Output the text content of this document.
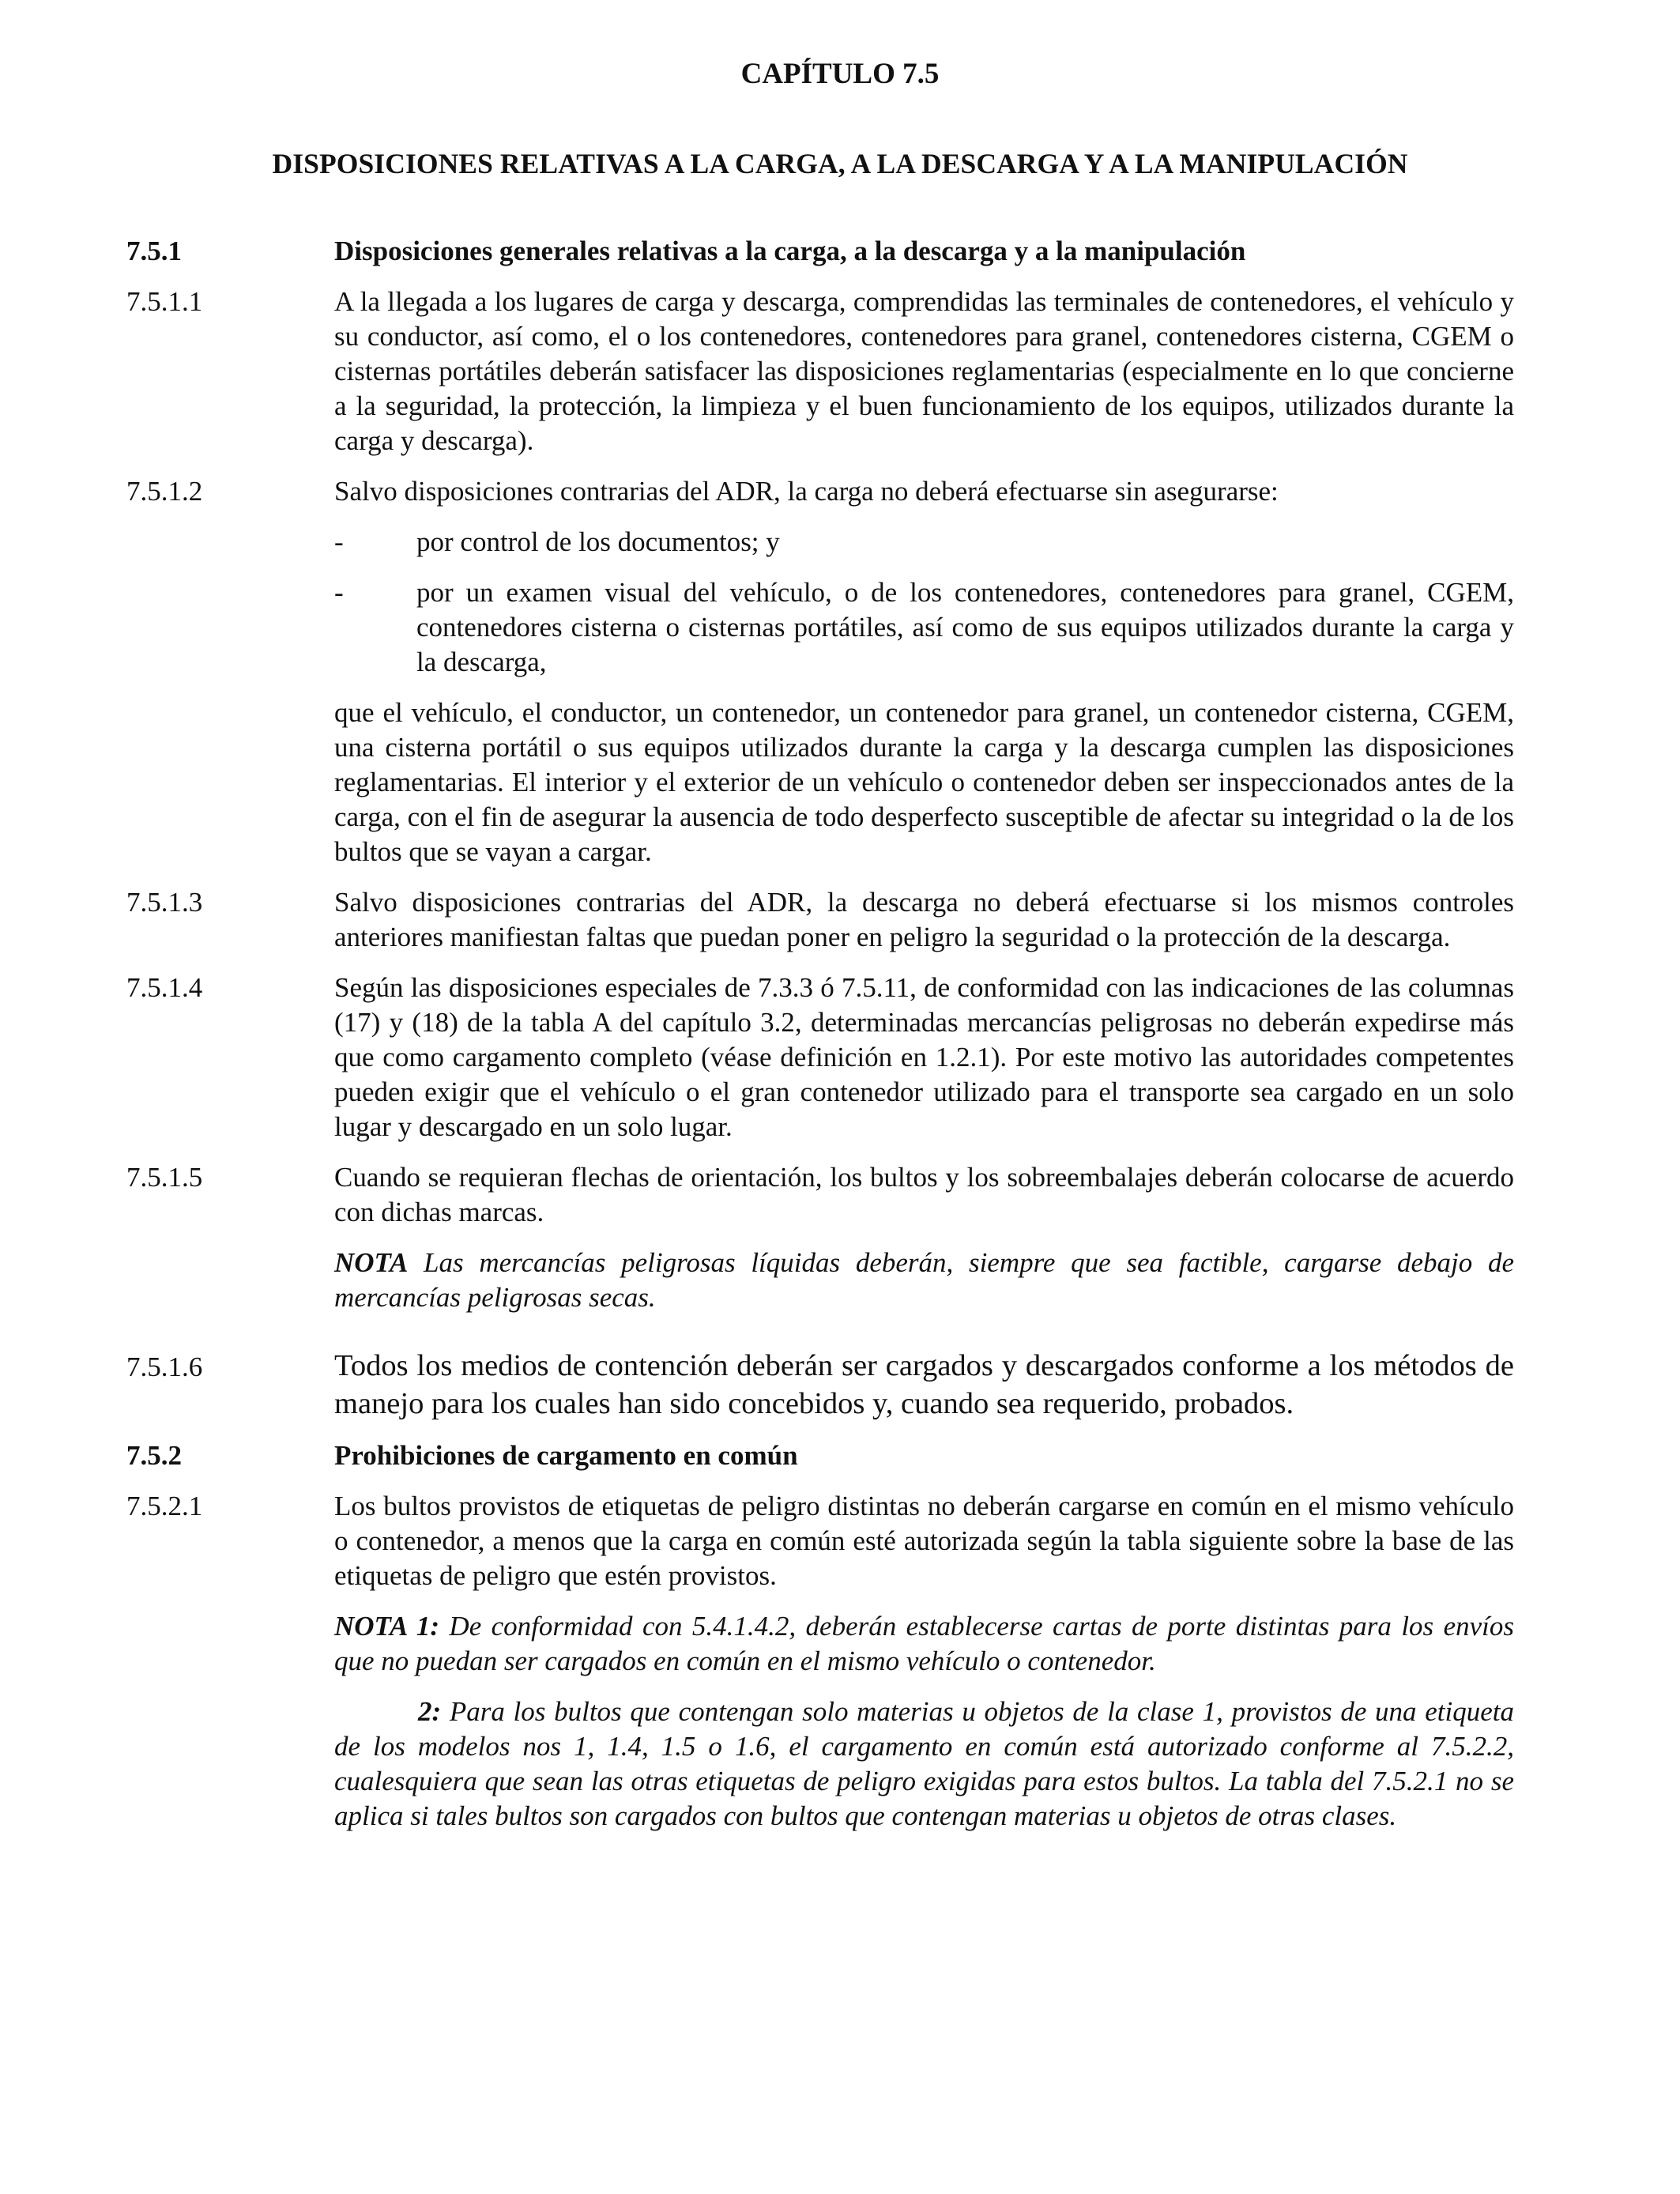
CAPÍTULO 7.5
DISPOSICIONES RELATIVAS A LA CARGA, A LA DESCARGA Y A LA MANIPULACIÓN
7.5.1	Disposiciones generales relativas a la carga, a la descarga y a la manipulación
7.5.1.1	A la llegada a los lugares de carga y descarga, comprendidas las terminales de contenedores, el vehículo y su conductor, así como, el o los contenedores, contenedores para granel, contenedores cisterna, CGEM o cisternas portátiles deberán satisfacer las disposiciones reglamentarias (especialmente en lo que concierne a la seguridad, la protección, la limpieza y el buen funcionamiento de los equipos, utilizados durante la carga y descarga).
7.5.1.2	Salvo disposiciones contrarias del ADR, la carga no deberá efectuarse sin asegurarse:

-	por control de los documentos; y
-	por un examen visual del vehículo, o de los contenedores, contenedores para granel, CGEM, contenedores cisterna o cisternas portátiles, así como de sus equipos utilizados durante la carga y la descarga,

que el vehículo, el conductor, un contenedor, un contenedor para granel, un contenedor cisterna, CGEM, una cisterna portátil o sus equipos utilizados durante la carga y la descarga cumplen las disposiciones reglamentarias. El interior y el exterior de un vehículo o contenedor deben ser inspeccionados antes de la carga, con el fin de asegurar la ausencia de todo desperfecto susceptible de afectar su integridad o la de los bultos que se vayan a cargar.

7.5.1.3	Salvo disposiciones contrarias del ADR, la descarga no deberá efectuarse si los mismos controles anteriores manifiestan faltas que puedan poner en peligro la seguridad o la protección de la descarga.
7.5.1.4	Según las disposiciones especiales de 7.3.3 ó 7.5.11, de conformidad con las indicaciones de las columnas (17) y (18) de la tabla A del capítulo 3.2, determinadas mercancías peligrosas no deberán expedirse más que como cargamento completo (véase definición en 1.2.1). Por este motivo las autoridades competentes pueden exigir que el vehículo o el gran contenedor utilizado para el transporte sea cargado en un solo lugar y descargado en un solo lugar.
7.5.1.5	Cuando se requieran flechas de orientación, los bultos y los sobreembalajes deberán colocarse de acuerdo con dichas marcas.

NOTA Las mercancías peligrosas líquidas deberán, siempre que sea factible, cargarse debajo de mercancías peligrosas secas.

7.5.1.6	Todos los medios de contención deberán ser cargados y descargados conforme a los métodos de manejo para los cuales han sido concebidos y, cuando sea requerido, probados.
7.5.2	Prohibiciones de cargamento en común
7.5.2.1	Los bultos provistos de etiquetas de peligro distintas no deberán cargarse en común en el mismo vehículo o contenedor, a menos que la carga en común esté autorizada según la tabla siguiente sobre la base de las etiquetas de peligro que estén provistos.

NOTA 1: De conformidad con 5.4.1.4.2, deberán establecerse cartas de porte distintas para los envíos que no puedan ser cargados en común en el mismo vehículo o contenedor.

2: Para los bultos que contengan solo materias u objetos de la clase 1, provistos de una etiqueta de los modelos nos 1, 1.4, 1.5 o 1.6, el cargamento en común está autorizado conforme al 7.5.2.2, cualesquiera que sean las otras etiquetas de peligro exigidas para estos bultos. La tabla del 7.5.2.1 no se aplica si tales bultos son cargados con bultos que contengan materias u objetos de otras clases.
